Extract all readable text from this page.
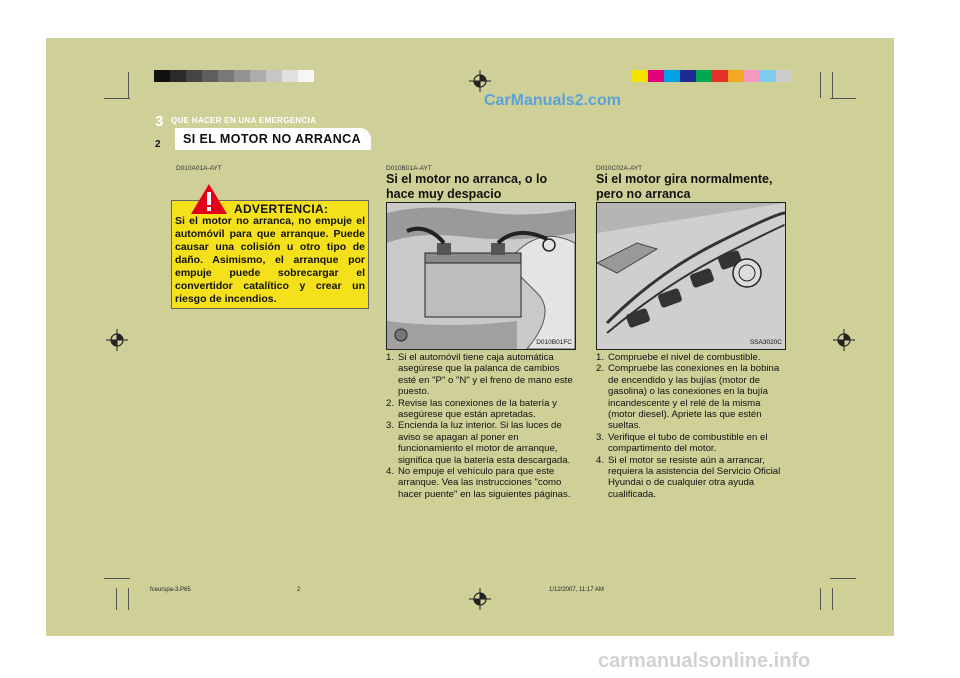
CarManuals2.com
3 QUE HACER EN UNA EMERGENCIA
2 SI EL MOTOR NO ARRANCA
D010A01A-AYT
ADVERTENCIA:
Si el motor no arranca, no empuje el automóvil para que arranque. Puede causar una colisión u otro tipo de daño. Asimismo, el arranque por empuje puede sobrecargar el convertidor catalítico y crear un riesgo de incendios.
D010B01A-AYT
Si el motor no arranca, o lo hace muy despacio
D010B01FC
1. Si el automóvil tiene caja automática asegúrese que la palanca de cambios esté en "P" o "N" y el freno de mano este puesto.
2. Revise las conexiones de la batería y asegúrese que están apretadas.
3. Encienda la luz interior. Si las luces de aviso se apagan al poner en funcionamiento el motor de arranque, significa que la batería esta descargada.
4. No empuje el vehículo para que este arranque. Vea las instrucciones "como hacer puente" en las siguientes páginas.
D010C02A-AYT
Si el motor gira normalmente, pero no arranca
SSA3020C
1. Compruebe el nivel de combustible.
2. Compruebe las conexiones en la bobina de encendido y las bujías (motor de gasolina) o las conexiones en la bujía incandescente y el relé de la misma (motor diesel). Apriete las que estén sueltas.
3. Verifique el tubo de combustible en el compartimento del motor.
4. Si el motor se resiste aún a arrancar, requiera la asistencia del Servicio Oficial Hyundai o de cualquier otra ayuda cualificada.
fceurspa-3.P65	2	1/12/2007, 11:17 AM
carmanualsonline.info
